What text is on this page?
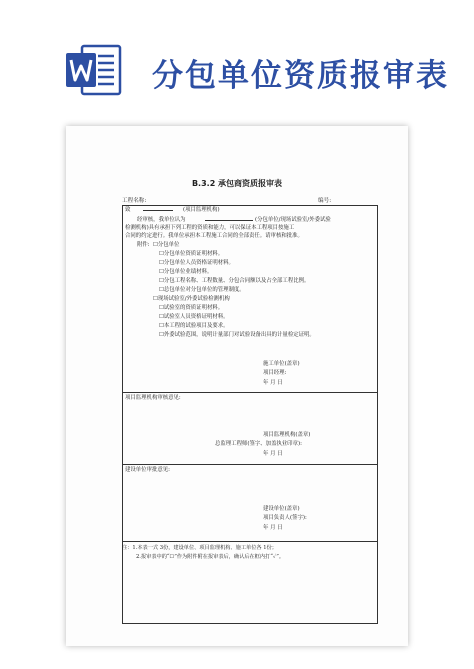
分包单位资质报审表
B.3.2 承包商资质报审表
工程名称:	编号:
致	(项目监理机构)
经审核，我单位认为	(分包单位/现场试验室/外委试验
检测机构)具有承担下列工程的资质和能力，可以保证本工程项目按施工
合同的约定进行。我单位承担本工程施工合同的全部责任。请审核和批准。
附件: ☐分包单位
☐分包单位资质证明材料。
☐分包单位人员资格证明材料。
☐分包单位业绩材料。
☐分包工程名称、工程数量、分包合同额以及占全部工程比例。
☐总包单位对分包单位的管理制度。
☐现场试验室/外委试验检测机构
☐试验室的资质证明材料。
☐试验室人员资格证明材料。
☐本工程的试验项目及要求。
☐外委试验范围，说明计量部门对试验设备出具的计量检定证明。
施工单位(盖章)
项目经理:
年 月 日
项目监理机构审核意见:
项目监理机构(盖章)
总监理工程师(签字、加盖执业印章):
年 月 日
建设单位审批意见:
建设单位(盖章)
项目负责人(签字):
年 月 日
注：1.本表一式 3份，建设单位、项目监理机构、施工单位各 1份；
2.报审表中的“☐”作为附件附在报审表后，确认后在框内打“✓”。
